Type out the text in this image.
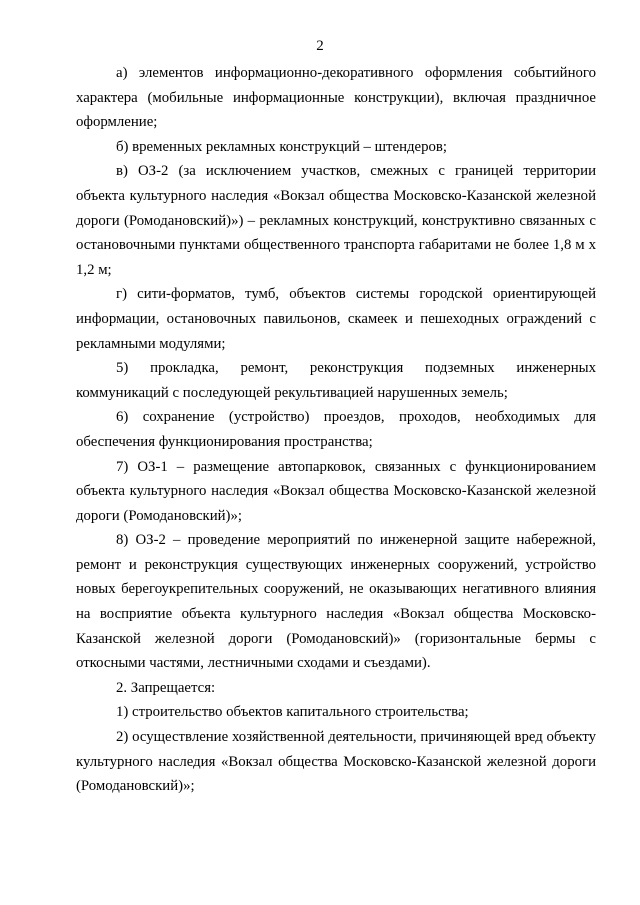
2

а) элементов информационно-декоративного оформления событийного характера (мобильные информационные конструкции), включая праздничное оформление;

б) временных рекламных конструкций – штендеров;

в) ОЗ-2 (за исключением участков, смежных с границей территории объекта культурного наследия «Вокзал общества Московско-Казанской железной дороги (Ромодановский)») – рекламных конструкций, конструктивно связанных с остановочными пунктами общественного транспорта габаритами не более 1,8 м х 1,2 м;

г) сити-форматов, тумб, объектов системы городской ориентирующей информации, остановочных павильонов, скамеек и пешеходных ограждений с рекламными модулями;

5) прокладка, ремонт, реконструкция подземных инженерных коммуникаций с последующей рекультивацией нарушенных земель;

6) сохранение (устройство) проездов, проходов, необходимых для обеспечения функционирования пространства;

7) ОЗ-1 – размещение автопарковок, связанных с функционированием объекта культурного наследия «Вокзал общества Московско-Казанской железной дороги (Ромодановский)»;

8) ОЗ-2 – проведение мероприятий по инженерной защите набережной, ремонт и реконструкция существующих инженерных сооружений, устройство новых берегоукрепительных сооружений, не оказывающих негативного влияния на восприятие объекта культурного наследия «Вокзал общества Московско-Казанской железной дороги (Ромодановский)» (горизонтальные бермы с откосными частями, лестничными сходами и съездами).

2. Запрещается:

1) строительство объектов капитального строительства;

2) осуществление хозяйственной деятельности, причиняющей вред объекту культурного наследия «Вокзал общества Московско-Казанской железной дороги (Ромодановский)»;
